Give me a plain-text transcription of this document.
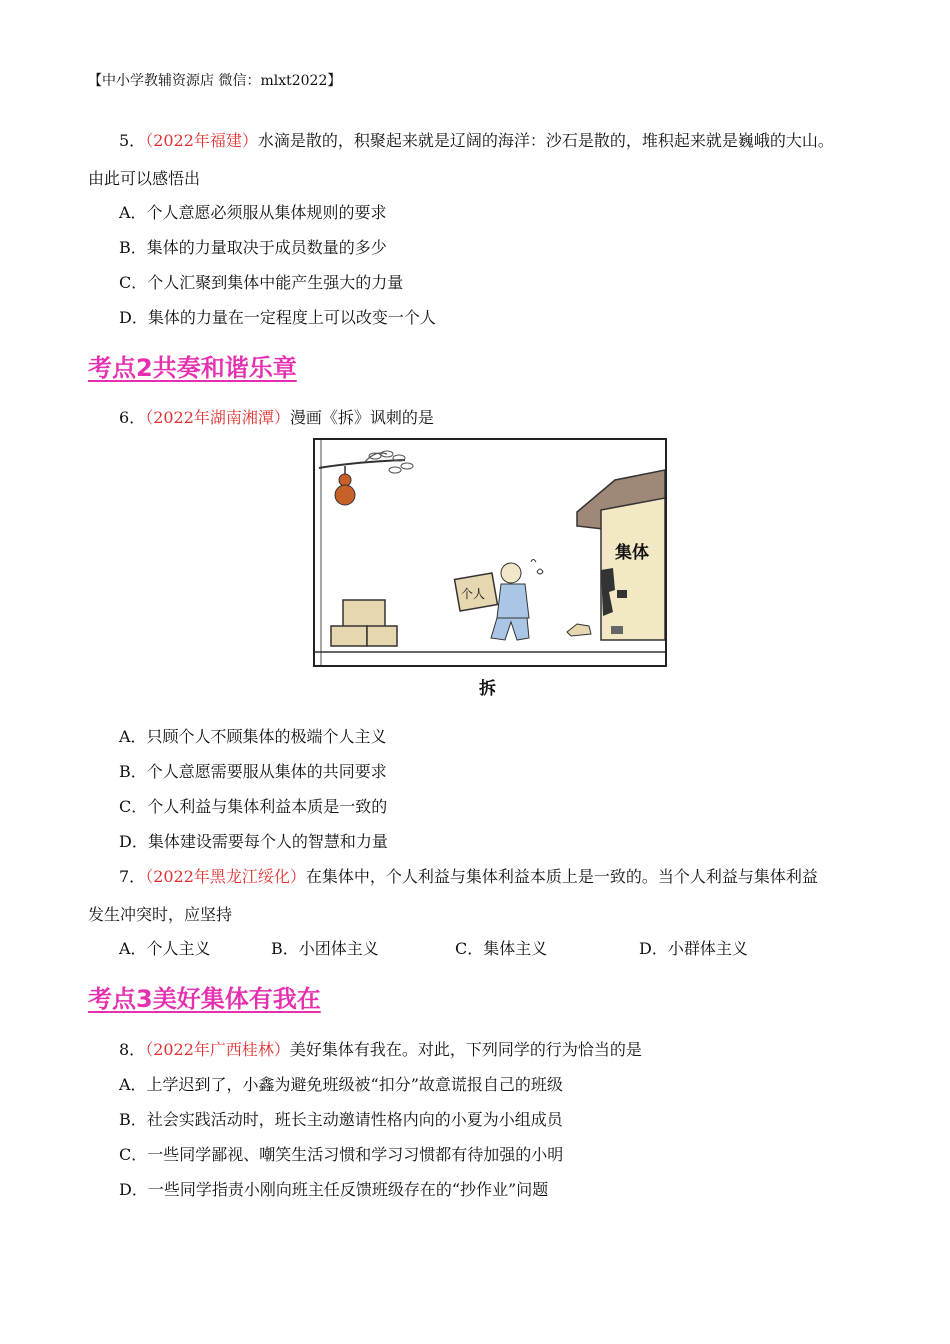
【中小学教辅资源店 微信：mlxt2022】
5．（2022年福建）水滴是散的，积聚起来就是辽阔的海洋：沙石是散的，堆积起来就是巍峨的大山。
由此可以感悟出
A．个人意愿必须服从集体规则的要求
B．集体的力量取决于成员数量的多少
C．个人汇聚到集体中能产生强大的力量
D．集体的力量在一定程度上可以改变一个人
考点2共奏和谐乐章
6．（2022年湖南湘潭）漫画《拆》讽刺的是
个人
集体
拆
A．只顾个人不顾集体的极端个人主义
B．个人意愿需要服从集体的共同要求
C．个人利益与集体利益本质是一致的
D．集体建设需要每个人的智慧和力量
7．（2022年黑龙江绥化）在集体中，个人利益与集体利益本质上是一致的。当个人利益与集体利益
发生冲突时，应坚持
A．个人主义	B．小团体主义	C．集体主义	D．小群体主义
考点3美好集体有我在
8．（2022年广西桂林）美好集体有我在。对此，下列同学的行为恰当的是
A．上学迟到了，小鑫为避免班级被“扣分”故意谎报自己的班级
B．社会实践活动时，班长主动邀请性格内向的小夏为小组成员
C．一些同学鄙视、嘲笑生活习惯和学习习惯都有待加强的小明
D．一些同学指责小刚向班主任反馈班级存在的“抄作业”问题
